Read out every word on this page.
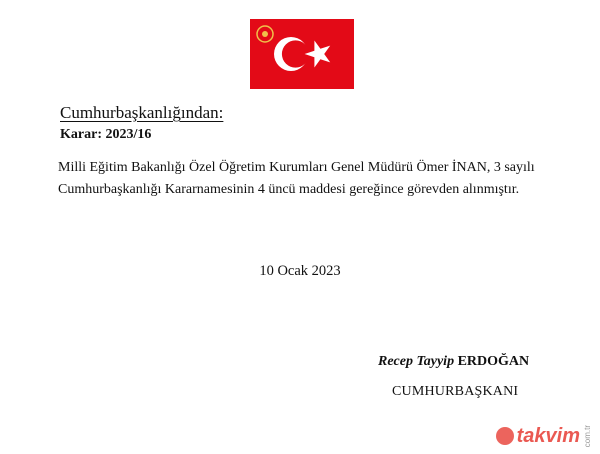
Cumhurbaşkanlığından:
Karar: 2023/16
Milli Eğitim Bakanlığı Özel Öğretim Kurumları Genel Müdürü Ömer İNAN, 3 sayılı
Cumhurbaşkanlığı Kararnamesinin 4 üncü maddesi gereğince görevden alınmıştır.
10 Ocak 2023
Recep Tayyip ERDOĞAN
CUMHURBAŞKANI
takvim com.tr
